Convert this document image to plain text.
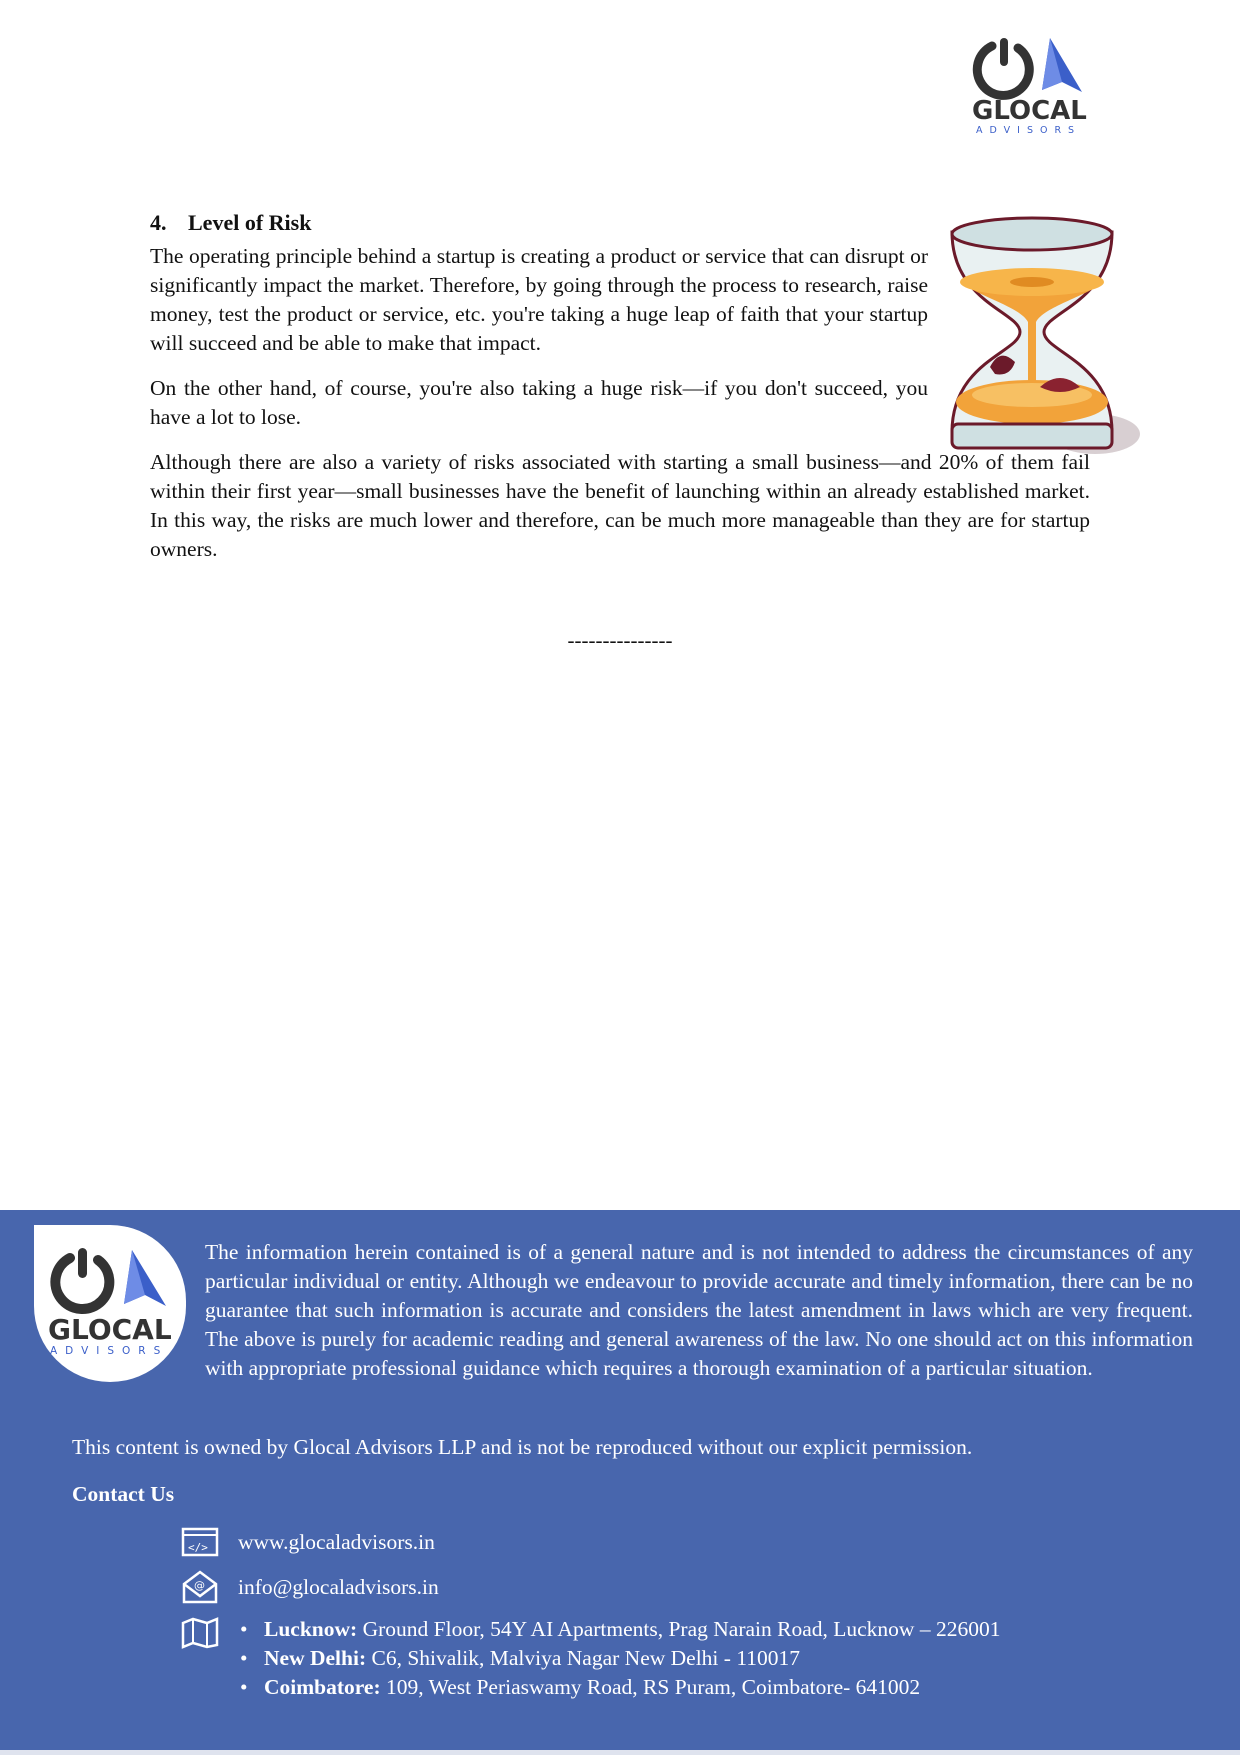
GLOCAL
ADVISORS
4. Level of Risk

The operating principle behind a startup is creating a product or service that can disrupt or significantly impact the market. Therefore, by going through the process to research, raise money, test the product or service, etc. you're taking a huge leap of faith that your startup will succeed and be able to make that impact.

On the other hand, of course, you're also taking a huge risk—if you don't succeed, you have a lot to lose.

Although there are also a variety of risks associated with starting a small business—and 20% of them fail within their first year—small businesses have the benefit of launching within an already established market. In this way, the risks are much lower and therefore, can be much more manageable than they are for startup owners.

---------------
GLOCAL
ADVISORS

The information herein contained is of a general nature and is not intended to address the circumstances of any particular individual or entity. Although we endeavour to provide accurate and timely information, there can be no guarantee that such information is accurate and considers the latest amendment in laws which are very frequent. The above is purely for academic reading and general awareness of the law. No one should act on this information with appropriate professional guidance which requires a thorough examination of a particular situation.

This content is owned by Glocal Advisors LLP and is not be reproduced without our explicit permission.

Contact Us

</> www.glocaladvisors.in
@ info@glocaladvisors.in
• Lucknow: Ground Floor, 54Y AI Apartments, Prag Narain Road, Lucknow – 226001
• New Delhi: C6, Shivalik, Malviya Nagar New Delhi - 110017
• Coimbatore: 109, West Periaswamy Road, RS Puram, Coimbatore- 641002
